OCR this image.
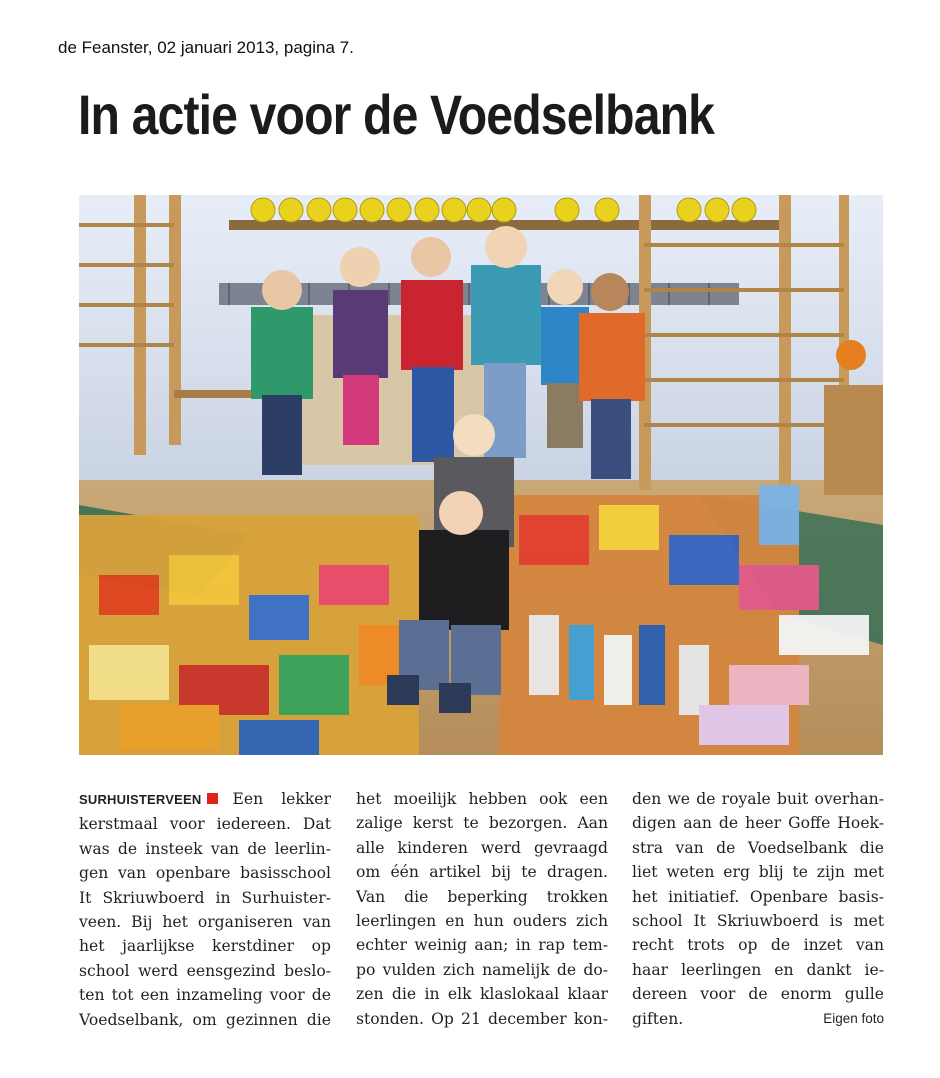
de Feanster, 02 januari 2013, pagina 7.
In actie voor de Voedselbank
SURHUISTERVEEN Een lekker
kerstmaal voor iedereen. Dat
was de insteek van de leerlin-
gen van openbare basisschool
It Skriuwboerd in Surhuister-
veen. Bij het organiseren van
het jaarlijkse kerstdiner op
school werd eensgezind beslo-
ten tot een inzameling voor de
Voedselbank, om gezinnen die
het moeilijk hebben ook een
zalige kerst te bezorgen. Aan
alle kinderen werd gevraagd
om één artikel bij te dragen.
Van die beperking trokken
leerlingen en hun ouders zich
echter weinig aan; in rap tem-
po vulden zich namelijk de do-
zen die in elk klaslokaal klaar
stonden. Op 21 december kon-
den we de royale buit overhan-
digen aan de heer Goffe Hoek-
stra van de Voedselbank die
liet weten erg blij te zijn met
het initiatief. Openbare basis-
school It Skriuwboerd is met
recht trots op de inzet van
haar leerlingen en dankt ie-
dereen voor de enorm gulle
giften.	Eigen foto
